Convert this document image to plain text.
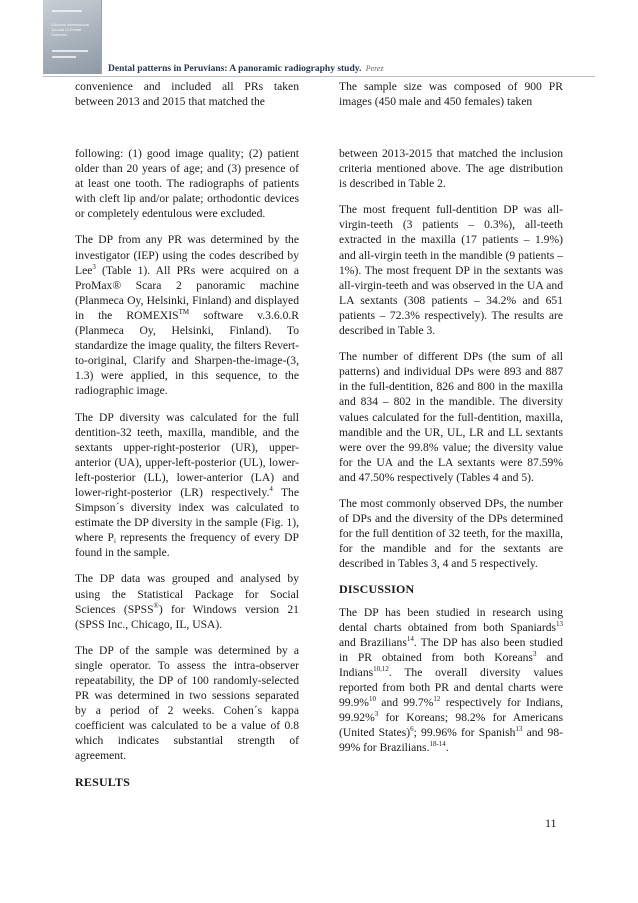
Odovtos International Journal of Dental Sciences
Dental patterns in Peruvians: A panoramic radiography study. Perez

convenience and included all PRs taken between 2013 and 2015 that matched the

following: (1) good image quality; (2) patient older than 20 years of age; and (3) presence of at least one tooth. The radiographs of patients with cleft lip and/or palate; orthodontic devices or completely edentulous were excluded.

The DP from any PR was determined by the investigator (IEP) using the codes described by Lee$^3$ (Table 1). All PRs were acquired on a ProMax® Scara 2 panoramic machine (Planmeca Oy, Helsinki, Finland) and displayed in the ROMEXIS™ software v.3.6.0.R (Planmeca Oy, Helsinki, Finland). To standardize the image quality, the filters Revert-to-original, Clarify and Sharpen-the-image-(3, 1.3) were applied, in this sequence, to the radiographic image.

The DP diversity was calculated for the full dentition-32 teeth, maxilla, mandible, and the sextants upper-right-posterior (UR), upper-anterior (UA), upper-left-posterior (UL), lower-left-posterior (LL), lower-anterior (LA) and lower-right-posterior (LR) respectively.$^4$ The Simpson´s diversity index was calculated to estimate the DP diversity in the sample (Fig. 1), where $P_i$ represents the frequency of every DP found in the sample.

The DP data was grouped and analysed by using the Statistical Package for Social Sciences (SPSS®) for Windows version 21 (SPSS Inc., Chicago, IL, USA).

The DP of the sample was determined by a single operator. To assess the intra-observer repeatability, the DP of 100 randomly-selected PR was determined in two sessions separated by a period of 2 weeks. Cohen´s kappa coefficient was calculated to be a value of 0.8 which indicates substantial strength of agreement.

RESULTS

The sample size was composed of 900 PR images (450 male and 450 females) taken

between 2013-2015 that matched the inclusion criteria mentioned above. The age distribution is described in Table 2.

The most frequent full-dentition DP was all-virgin-teeth (3 patients – 0.3%), all-teeth extracted in the maxilla (17 patients – 1.9%) and all-virgin teeth in the mandible (9 patients – 1%). The most frequent DP in the sextants was all-virgin-teeth and was observed in the UA and LA sextants (308 patients – 34.2% and 651 patients – 72.3% respectively). The results are described in Table 3.

The number of different DPs (the sum of all patterns) and individual DPs were 893 and 887 in the full-dentition, 826 and 800 in the maxilla and 834 – 802 in the mandible. The diversity values calculated for the full-dentition, maxilla, mandible and the UR, UL, LR and LL sextants were over the 99.8% value; the diversity value for the UA and the LA sextants were 87.59% and 47.50% respectively (Tables 4 and 5).

The most commonly observed DPs, the number of DPs and the diversity of the DPs determined for the full dentition of 32 teeth, for the maxilla, for the mandible and for the sextants are described in Tables 3, 4 and 5 respectively.

DISCUSSION

The DP has been studied in research using dental charts obtained from both Spaniards$^{13}$ and Brazilians$^{14}$. The DP has also been studied in PR obtained from both Koreans$^3$ and Indians$^{10,12}$. The overall diversity values reported from both PR and dental charts were 99.9%$^{10}$ and 99.7%$^{12}$ respectively for Indians, 99.92%$^3$ for Koreans; 98.2% for Americans (United States)$^6$; 99.96% for Spanish$^{13}$ and 98-99% for Brazilians.$^{18-14}$.

11
